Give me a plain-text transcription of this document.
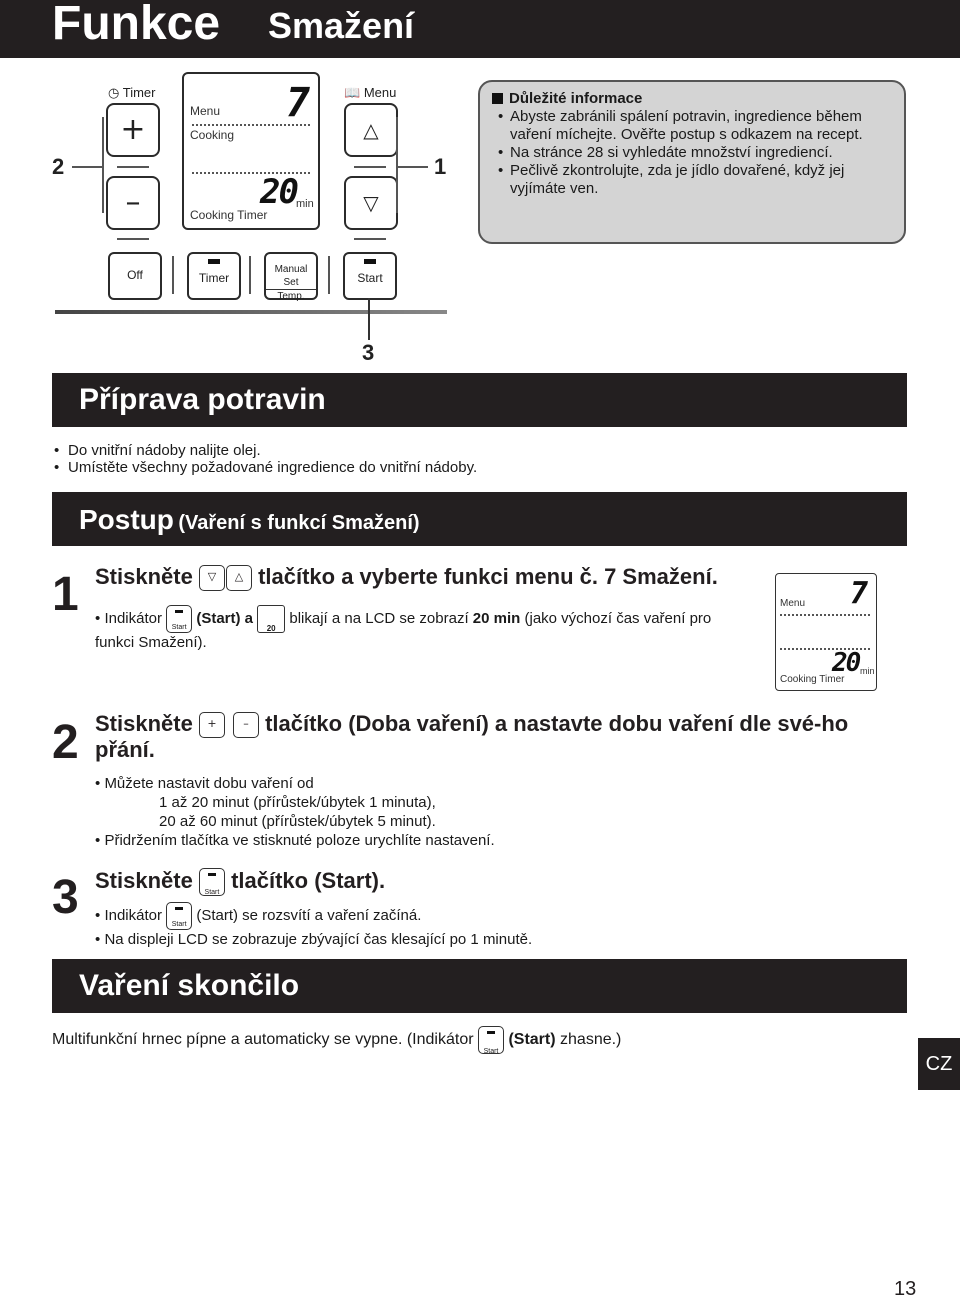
Funkce Smažení
◷ Timer
+
–
2
Menu
Cooking
7
20 min
Cooking Timer
📖 Menu
△
▽
1
Důležité informace
• Abyste zabránili spálení potravin, ingredience během vaření míchejte. Ověřte postup s odkazem na recept.
• Na stránce 28 si vyhledáte množství ingrediencí.
• Pečlivě zkontrolujte, zda je jídlo dovařené, když jej vyjímáte ven.
Off	Timer
Manual Set
Temp.
Start
3
Příprava potravin
• Do vnitřní nádoby nalijte olej.
• Umístěte všechny požadované ingredience do vnitřní nádoby.
Postup (Vaření s funkcí Smažení)
1 Stiskněte ▽ △ tlačítko a vyberte funkci menu č. 7 Smažení.
• Indikátor
Start
(Start) a
20
blikají a na LCD se zobrazí 20 min (jako výchozí čas vaření pro funkci Smažení).
Menu 7
20 min
Cooking Timer
2 Stiskněte + – tlačítko (Doba vaření) a nastavte dobu vaření dle své-ho přání.
• Můžete nastavit dobu vaření od
1 až 20 minut (přírůstek/úbytek 1 minuta),
20 až 60 minut (přírůstek/úbytek 5 minut).
• Přidržením tlačítka ve stisknuté poloze urychlíte nastavení.
3 Stiskněte	Start tlačítko (Start).
• Indikátor
Start
(Start) se rozsvítí a vaření začíná.
• Na displeji LCD se zobrazuje zbývající čas klesající po 1 minutě.
Vaření skončilo
Multifunkční hrnec pípne a automaticky se vypne. (Indikátor
Start
(Start) zhasne.)
CZ
13
